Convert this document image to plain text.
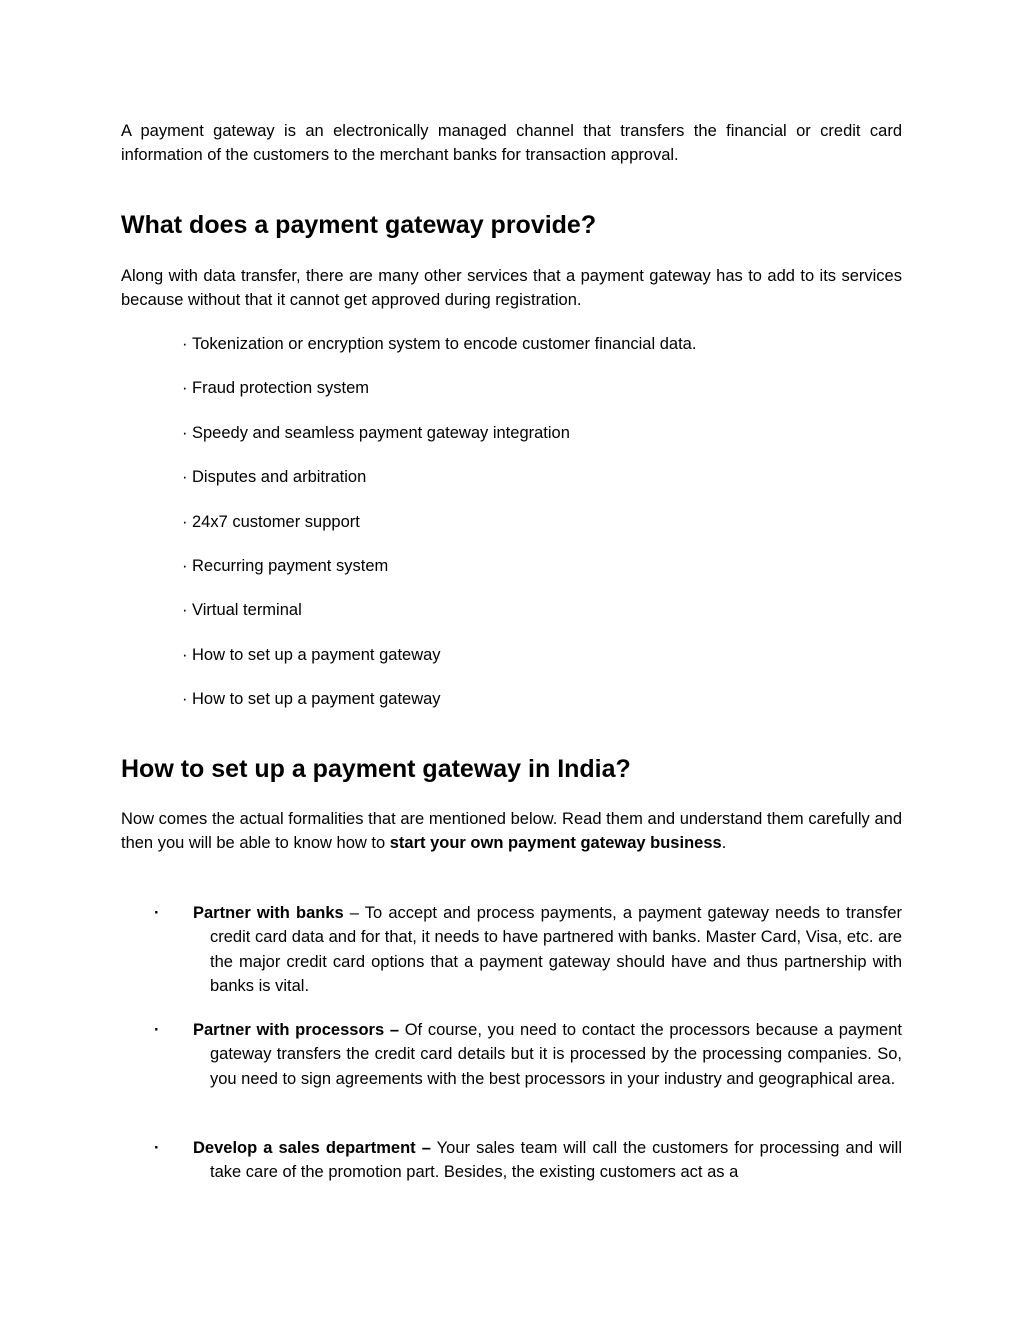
A payment gateway is an electronically managed channel that transfers the financial or credit card information of the customers to the merchant banks for transaction approval.

What does a payment gateway provide?

Along with data transfer, there are many other services that a payment gateway has to add to its services because without that it cannot get approved during registration.

· Tokenization or encryption system to encode customer financial data.

· Fraud protection system

· Speedy and seamless payment gateway integration

· Disputes and arbitration

· 24x7 customer support

· Recurring payment system

· Virtual terminal

· How to set up a payment gateway

· How to set up a payment gateway

How to set up a payment gateway in India?

Now comes the actual formalities that are mentioned below. Read them and understand them carefully and then you will be able to know how to start your own payment gateway business.

· Partner with banks – To accept and process payments, a payment gateway needs to transfer credit card data and for that, it needs to have partnered with banks. Master Card, Visa, etc. are the major credit card options that a payment gateway should have and thus partnership with banks is vital.

· Partner with processors – Of course, you need to contact the processors because a payment gateway transfers the credit card details but it is processed by the processing companies. So, you need to sign agreements with the best processors in your industry and geographical area.

· Develop a sales department – Your sales team will call the customers for processing and will take care of the promotion part. Besides, the existing customers act as a
